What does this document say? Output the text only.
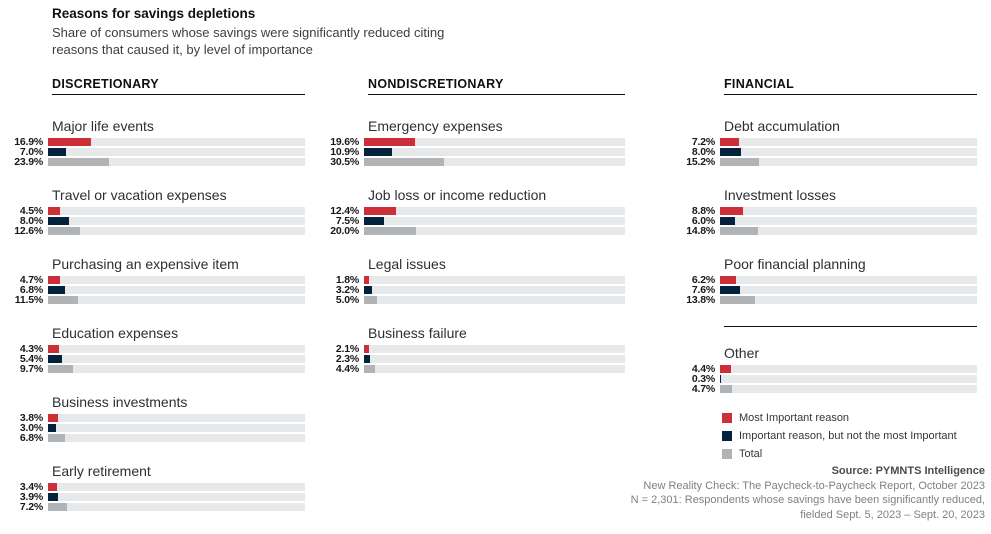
Reasons for savings depletions
Share of consumers whose savings were significantly reduced citing
reasons that caused it, by level of importance
DISCRETIONARY
Major life events
16.9%
7.0%
23.9%
Travel or vacation expenses
4.5%
8.0%
12.6%
Purchasing an expensive item
4.7%
6.8%
11.5%
Education expenses
4.3%
5.4%
9.7%
Business investments
3.8%
3.0%
6.8%
Early retirement
3.4%
3.9%
7.2%
NONDISCRETIONARY
Emergency expenses
19.6%
10.9%
30.5%
Job loss or income reduction
12.4%
7.5%
20.0%
Legal issues
1.8%
3.2%
5.0%
Business failure
2.1%
2.3%
4.4%
FINANCIAL
Debt accumulation
7.2%
8.0%
15.2%
Investment losses
8.8%
6.0%
14.8%
Poor financial planning
6.2%
7.6%
13.8%
Other
4.4%
0.3%
4.7%
Most Important reason
Important reason, but not the most Important
Total
Source: PYMNTS Intelligence
New Reality Check: The Paycheck-to-Paycheck Report, October 2023
N = 2,301: Respondents whose savings have been significantly reduced,
fielded Sept. 5, 2023 – Sept. 20, 2023
